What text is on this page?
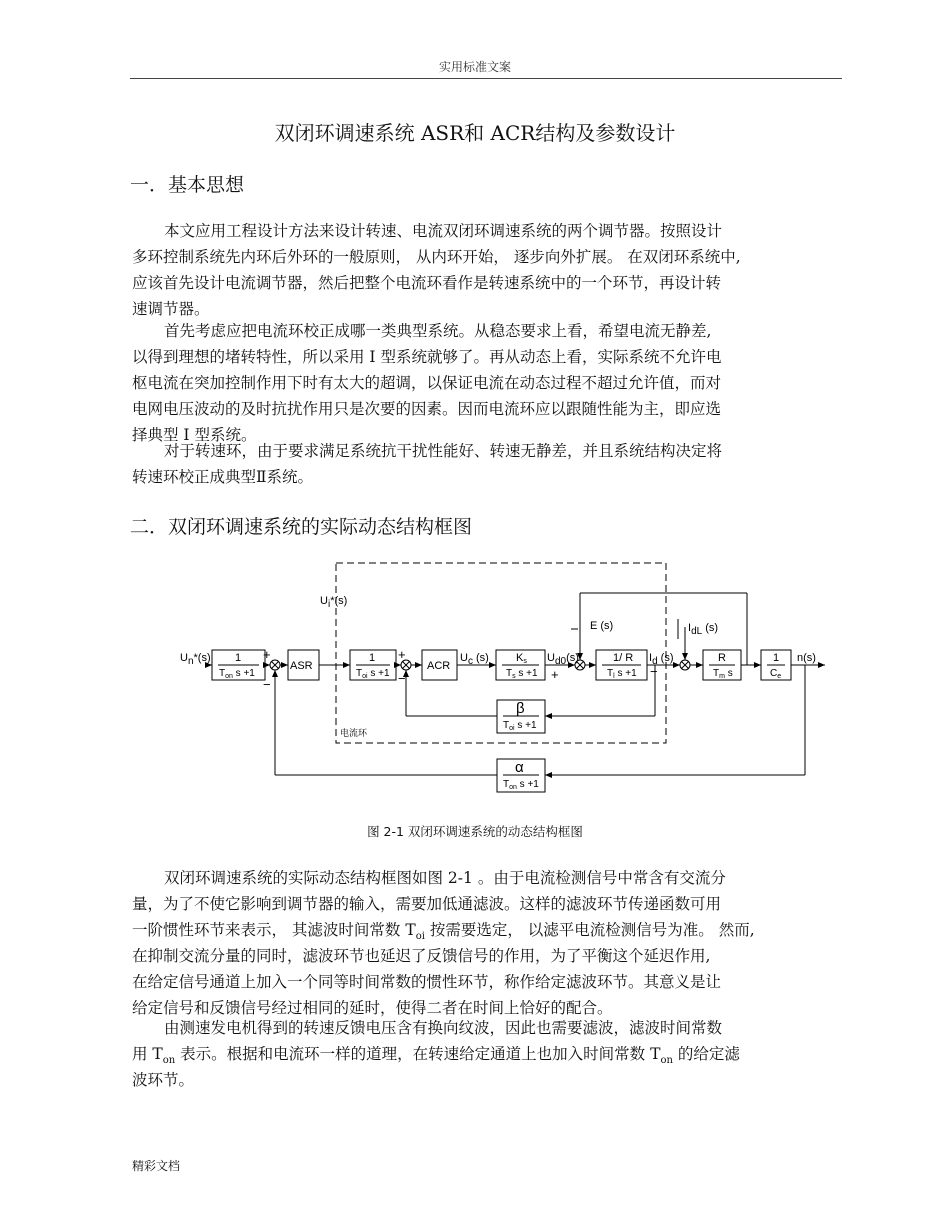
实用标准文案
双闭环调速系统 ASR和 ACR结构及参数设计
一．基本思想
本文应用工程设计方法来设计转速、电流双闭环调速系统的两个调节器。按照设计
多环控制系统先内环后外环的一般原则， 从内环开始， 逐步向外扩展。 在双闭环系统中,
应该首先设计电流调节器，然后把整个电流环看作是转速系统中的一个环节，再设计转
速调节器。
首先考虑应把电流环校正成哪一类典型系统。从稳态要求上看，希望电流无静差,
以得到理想的堵转特性，所以采用 I 型系统就够了。再从动态上看，实际系统不允许电
枢电流在突加控制作用下时有太大的超调，以保证电流在动态过程不超过允许值，而对
电网电压波动的及时抗扰作用只是次要的因素。因而电流环应以跟随性能为主，即应选
择典型 I 型系统。
对于转速环，由于要求满足系统抗干扰性能好、转速无静差，并且系统结构决定将
转速环校正成典型Ⅱ系统。
二．双闭环调速系统的实际动态结构框图
Un*(s)
Ui*(s)
E (s)	IdL (s)
Uc (s)	Ud0(s)	Id (s)	n(s)
电流环
ASR	ACR
1
$T_{on}$ s +1
1
$T_{oi}$ s +1
Ks
$T_s$ s +1
1/ R
$T_l$ s +1
R
$T_m$ s
1
$C_e$
β
$T_{oi}$ s +1
α
$T_{on}$ s +1
+
−
+
−	+	−
图 2-1 双闭环调速系统的动态结构框图
双闭环调速系统的实际动态结构框图如图 2-1 。由于电流检测信号中常含有交流分
量，为了不使它影响到调节器的输入，需要加低通滤波。这样的滤波环节传递函数可用
一阶惯性环节来表示， 其滤波时间常数 $T_{oi}$ 按需要选定， 以滤平电流检测信号为准。 然而,
在抑制交流分量的同时，滤波环节也延迟了反馈信号的作用，为了平衡这个延迟作用,
在给定信号通道上加入一个同等时间常数的惯性环节，称作给定滤波环节。其意义是让
给定信号和反馈信号经过相同的延时，使得二者在时间上恰好的配合。
由测速发电机得到的转速反馈电压含有换向纹波，因此也需要滤波，滤波时间常数
用 $T_{on}$ 表示。根据和电流环一样的道理，在转速给定通道上也加入时间常数 $T_{on}$ 的给定滤
波环节。
精彩文档
